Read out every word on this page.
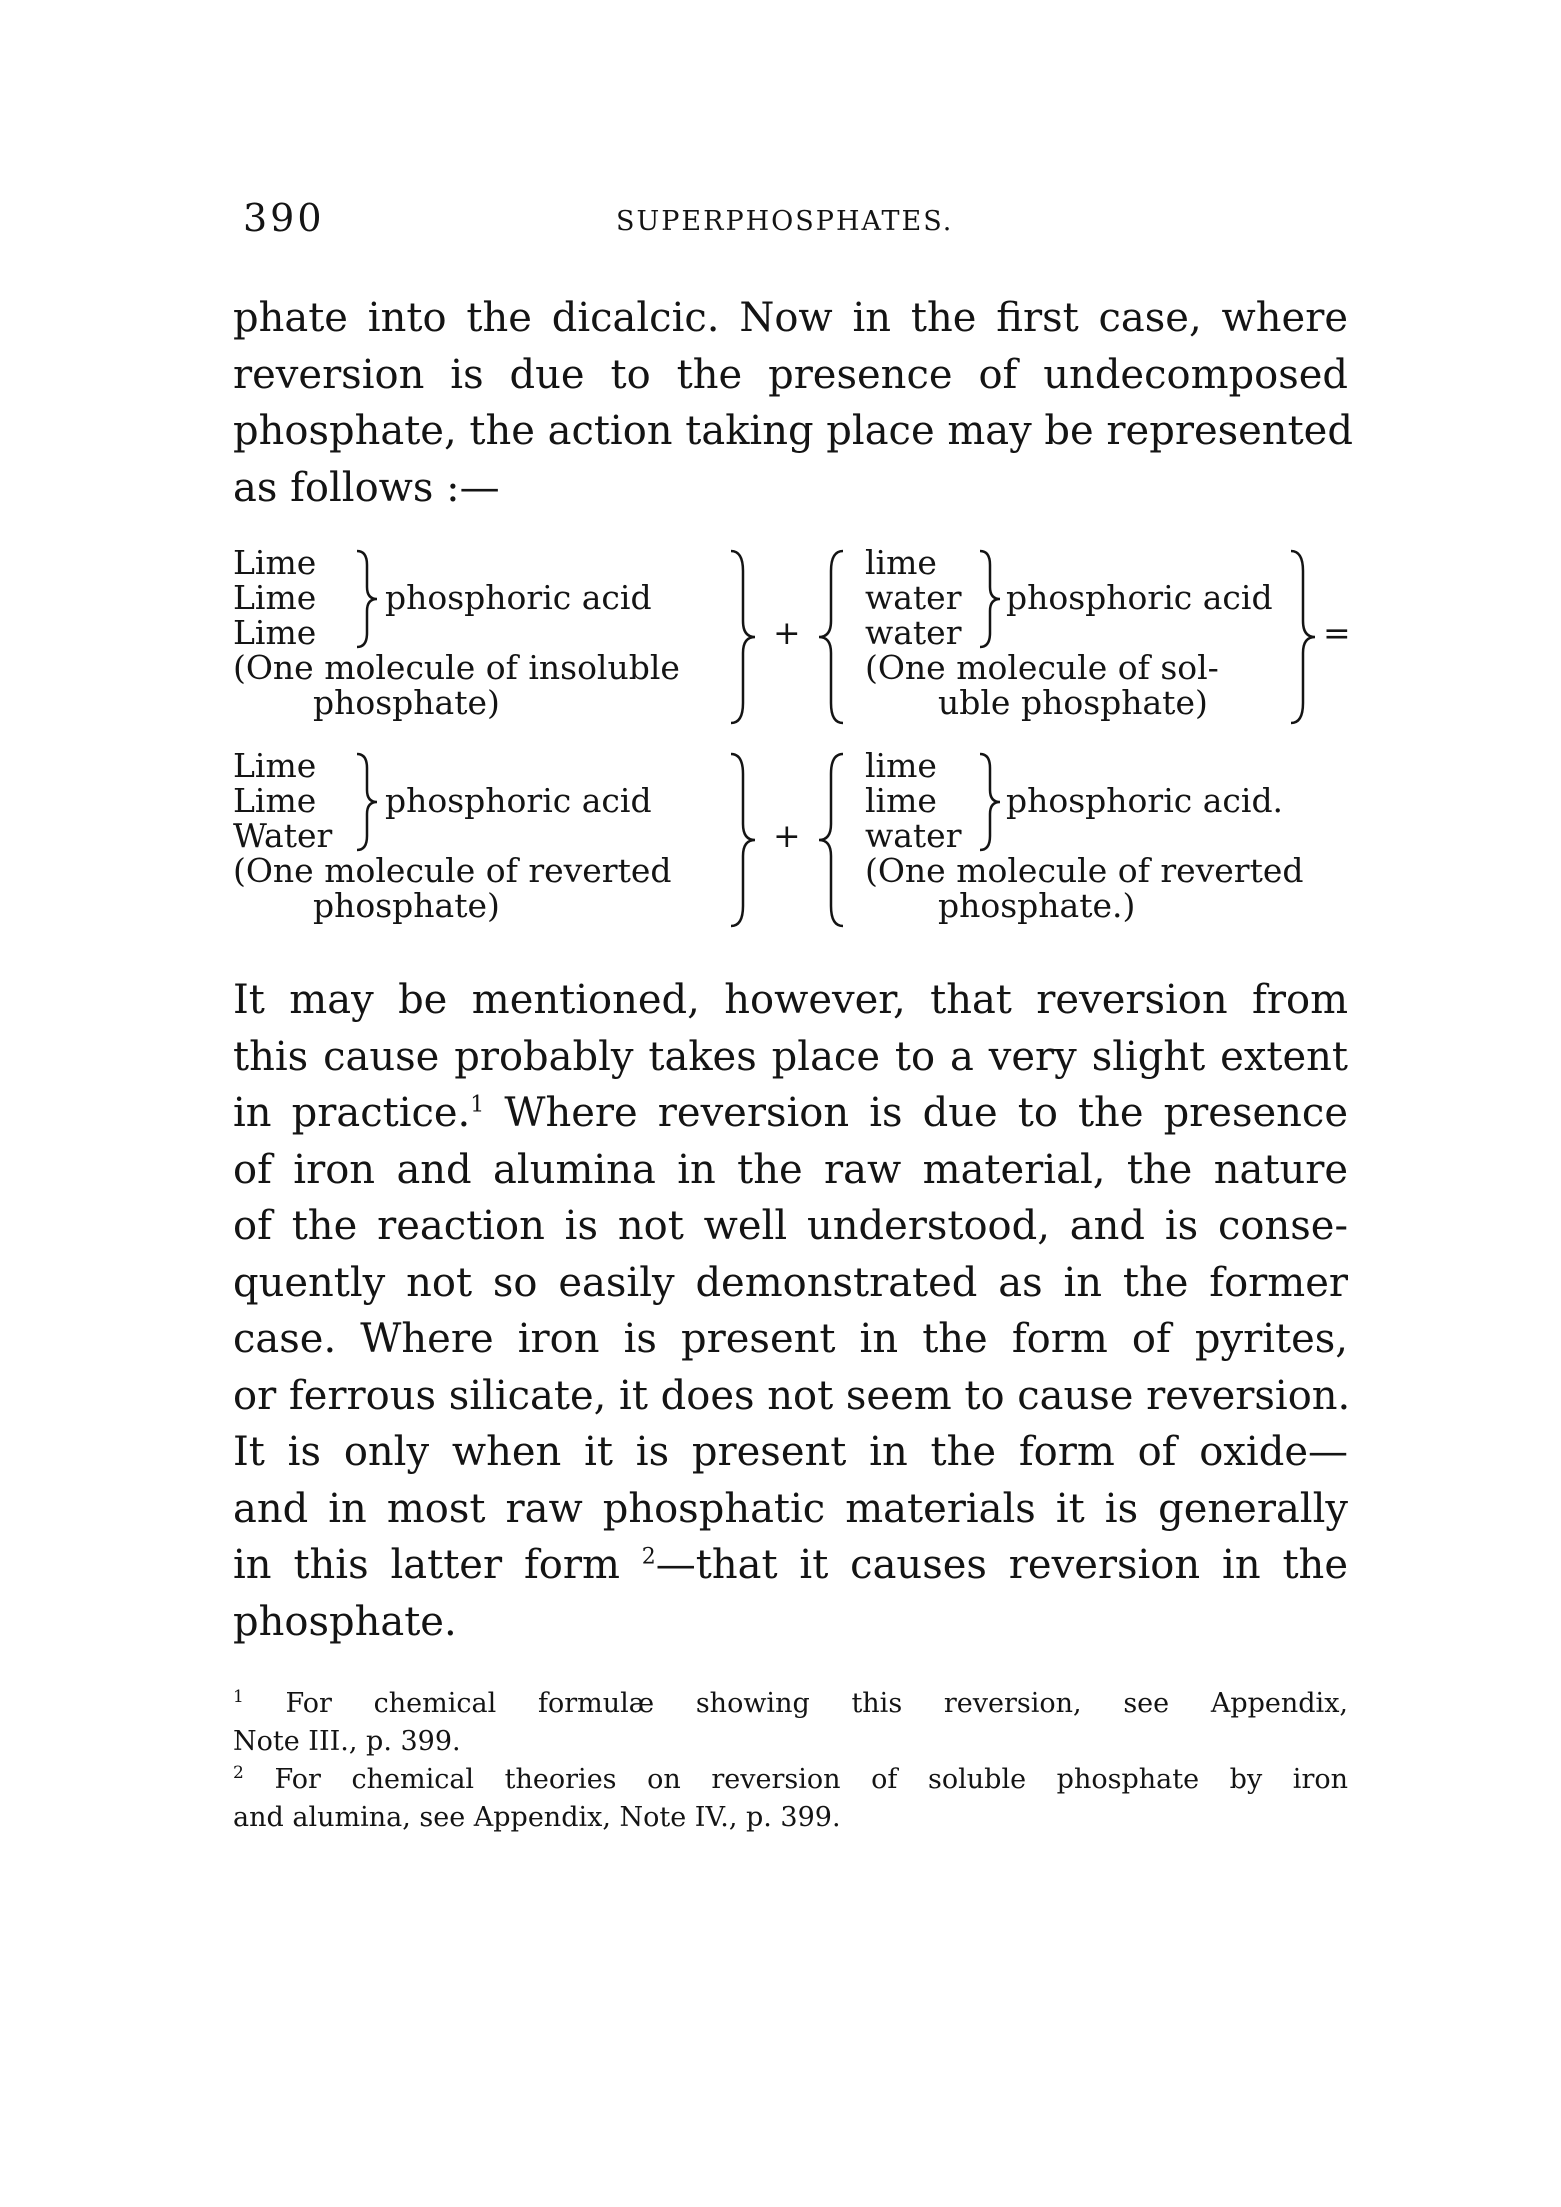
390	SUPERPHOSPHATES.
phate into the dicalcic. Now in the first case, where
reversion is due to the presence of undecomposed
phosphate, the action taking place may be represented
as follows :—
Lime
Lime
Lime
phosphoric acid
(One molecule of insoluble
phosphate)
+
lime
water
water
phosphoric acid
(One molecule of sol-
uble phosphate)
=
Lime
Lime
Water
phosphoric acid
(One molecule of reverted
phosphate)
+
lime
lime
water
phosphoric acid.
(One molecule of reverted
phosphate.)
It may be mentioned, however, that reversion from
this cause probably takes place to a very slight extent
in practice.$^1$ Where reversion is due to the presence
of iron and alumina in the raw material, the nature
of the reaction is not well understood, and is conse-
quently not so easily demonstrated as in the former
case. Where iron is present in the form of pyrites,
or ferrous silicate, it does not seem to cause reversion.
It is only when it is present in the form of oxide—
and in most raw phosphatic materials it is generally
in this latter form $^2$—that it causes reversion in the
phosphate.
$^1$ For chemical formulæ showing this reversion, see Appendix,
Note III., p. 399.
$^2$ For chemical theories on reversion of soluble phosphate by iron
and alumina, see Appendix, Note IV., p. 399.
